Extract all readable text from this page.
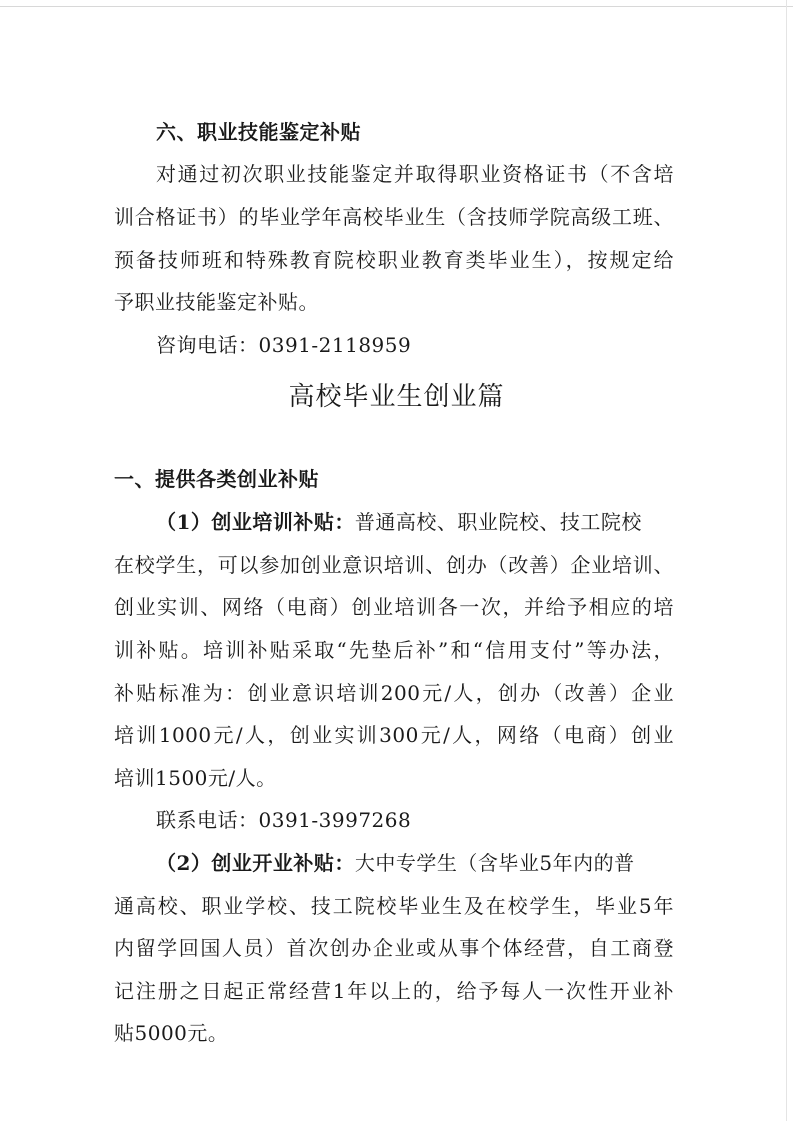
六、职业技能鉴定补贴
对通过初次职业技能鉴定并取得职业资格证书（不含培
训合格证书）的毕业学年高校毕业生（含技师学院高级工班、
预备技师班和特殊教育院校职业教育类毕业生），按规定给
予职业技能鉴定补贴。
咨询电话：0391-2118959
高校毕业生创业篇
一、提供各类创业补贴
（1）创业培训补贴：普通高校、职业院校、技工院校
在校学生，可以参加创业意识培训、创办（改善）企业培训、
创业实训、网络（电商）创业培训各一次，并给予相应的培
训补贴。培训补贴采取“先垫后补”和“信用支付”等办法，
补贴标准为：创业意识培训200元/人，创办（改善）企业
培训1000元/人，创业实训300元/人，网络（电商）创业
培训1500元/人。
联系电话：0391-3997268
（2）创业开业补贴：大中专学生（含毕业5年内的普
通高校、职业学校、技工院校毕业生及在校学生，毕业5年
内留学回国人员）首次创办企业或从事个体经营，自工商登
记注册之日起正常经营1年以上的，给予每人一次性开业补
贴5000元。
